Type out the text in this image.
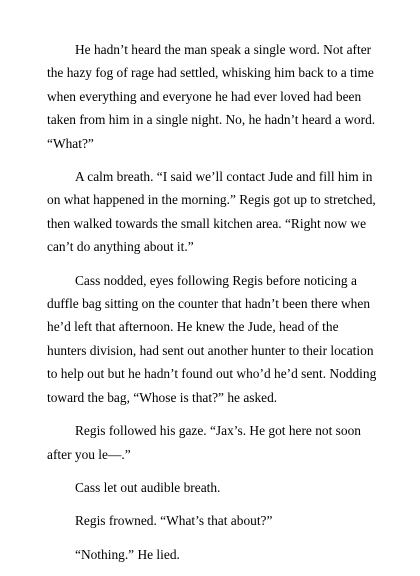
He hadn’t heard the man speak a single word. Not after the hazy fog of rage had settled, whisking him back to a time when everything and everyone he had ever loved had been taken from him in a single night. No, he hadn’t heard a word. “What?”

A calm breath. “I said we’ll contact Jude and fill him in on what happened in the morning.” Regis got up to stretched, then walked towards the small kitchen area. “Right now we can’t do anything about it.”

Cass nodded, eyes following Regis before noticing a duffle bag sitting on the counter that hadn’t been there when he’d left that afternoon. He knew the Jude, head of the hunters division, had sent out another hunter to their location to help out but he hadn’t found out who’d he’d sent. Nodding toward the bag, “Whose is that?” he asked.

Regis followed his gaze. “Jax’s. He got here not soon after you le—.”

Cass let out audible breath.

Regis frowned. “What’s that about?”

“Nothing.” He lied.
